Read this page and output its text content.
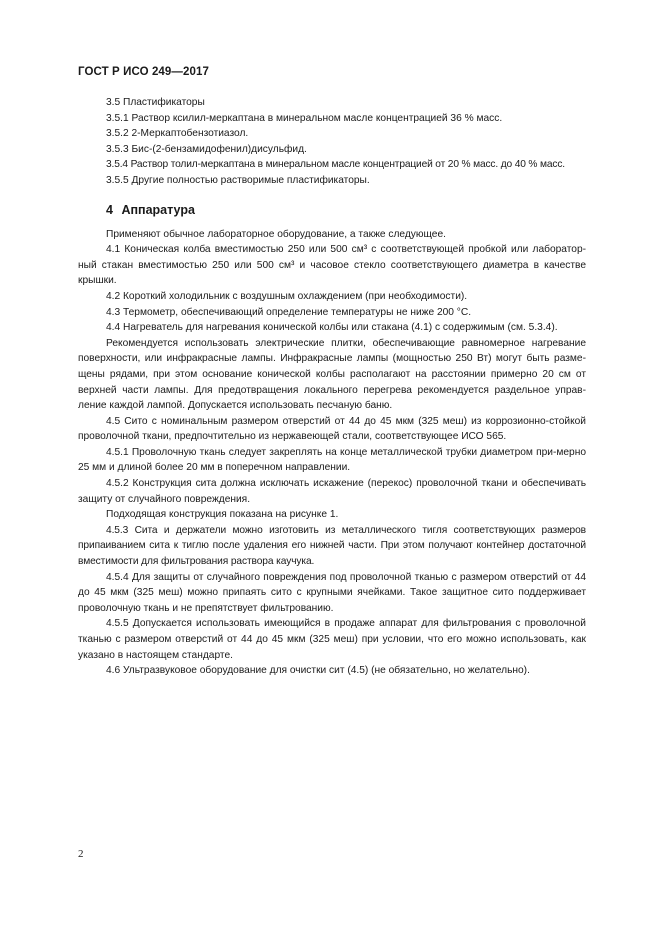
ГОСТ Р ИСО 249—2017
3.5 Пластификаторы
3.5.1 Раствор ксилил-меркаптана в минеральном масле концентрацией 36 % масс.
3.5.2 2-Меркаптобензотиазол.
3.5.3 Бис-(2-бензамидофенил)дисульфид.
3.5.4 Раствор толил-меркаптана в минеральном масле концентрацией от 20 % масс. до 40 % масс.
3.5.5 Другие полностью растворимые пластификаторы.
4 Аппаратура

Применяют обычное лабораторное оборудование, а также следующее.

4.1 Коническая колба вместимостью 250 или 500 см³ с соответствующей пробкой или лаборатор-ный стакан вместимостью 250 или 500 см³ и часовое стекло соответствующего диаметра в качестве крышки.

4.2 Короткий холодильник с воздушным охлаждением (при необходимости).

4.3 Термометр, обеспечивающий определение температуры не ниже 200 °С.

4.4 Нагреватель для нагревания конической колбы или стакана (4.1) с содержимым (см. 5.3.4).

Рекомендуется использовать электрические плитки, обеспечивающие равномерное нагревание поверхности, или инфракрасные лампы. Инфракрасные лампы (мощностью 250 Вт) могут быть разме-щены рядами, при этом основание конической колбы располагают на расстоянии примерно 20 см от верхней части лампы. Для предотвращения локального перегрева рекомендуется раздельное управ-ление каждой лампой. Допускается использовать песчаную баню.

4.5 Сито с номинальным размером отверстий от 44 до 45 мкм (325 меш) из коррозионно-стойкой проволочной ткани, предпочтительно из нержавеющей стали, соответствующее ИСО 565.

4.5.1 Проволочную ткань следует закреплять на конце металлической трубки диаметром при-мерно 25 мм и длиной более 20 мм в поперечном направлении.

4.5.2 Конструкция сита должна исключать искажение (перекос) проволочной ткани и обеспечивать защиту от случайного повреждения.

Подходящая конструкция показана на рисунке 1.

4.5.3 Сита и держатели можно изготовить из металлического тигля соответствующих размеров припаиванием сита к тиглю после удаления его нижней части. При этом получают контейнер достаточной вместимости для фильтрования раствора каучука.

4.5.4 Для защиты от случайного повреждения под проволочной тканью с размером отверстий от 44 до 45 мкм (325 меш) можно припаять сито с крупными ячейками. Такое защитное сито поддерживает проволочную ткань и не препятствует фильтрованию.

4.5.5 Допускается использовать имеющийся в продаже аппарат для фильтрования с проволочной тканью с размером отверстий от 44 до 45 мкм (325 меш) при условии, что его можно использовать, как указано в настоящем стандарте.

4.6 Ультразвуковое оборудование для очистки сит (4.5) (не обязательно, но желательно).

2
